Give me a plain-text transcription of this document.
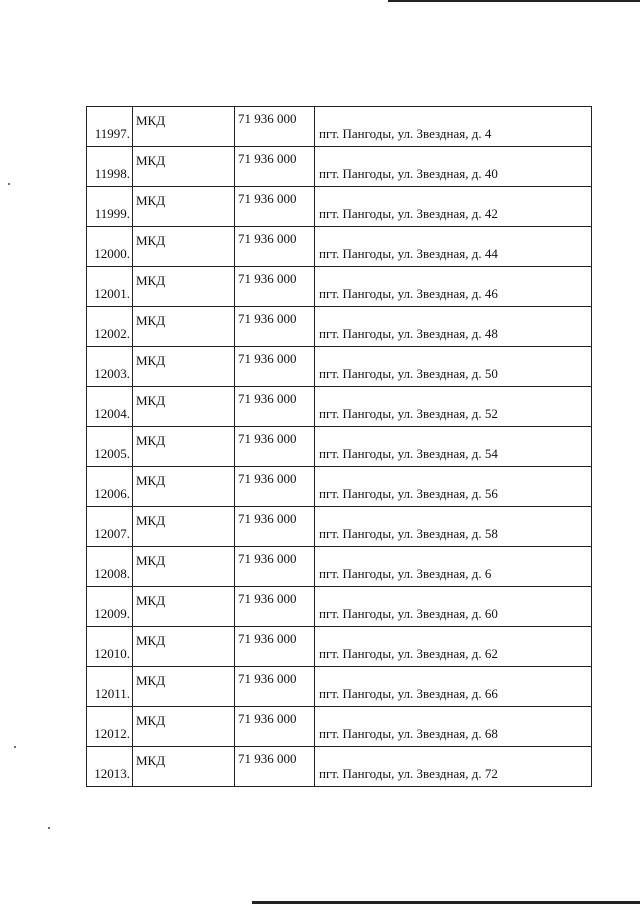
11997.	МКД	71 936 000	пгт. Пангоды, ул. Звездная, д. 4
11998.	МКД	71 936 000	пгт. Пангоды, ул. Звездная, д. 40
11999.	МКД	71 936 000	пгт. Пангоды, ул. Звездная, д. 42
12000.	МКД	71 936 000	пгт. Пангоды, ул. Звездная, д. 44
12001.	МКД	71 936 000	пгт. Пангоды, ул. Звездная, д. 46
12002.	МКД	71 936 000	пгт. Пангоды, ул. Звездная, д. 48
12003.	МКД	71 936 000	пгт. Пангоды, ул. Звездная, д. 50
12004.	МКД	71 936 000	пгт. Пангоды, ул. Звездная, д. 52
12005.	МКД	71 936 000	пгт. Пангоды, ул. Звездная, д. 54
12006.	МКД	71 936 000	пгт. Пангоды, ул. Звездная, д. 56
12007.	МКД	71 936 000	пгт. Пангоды, ул. Звездная, д. 58
12008.	МКД	71 936 000	пгт. Пангоды, ул. Звездная, д. 6
12009.	МКД	71 936 000	пгт. Пангоды, ул. Звездная, д. 60
12010.	МКД	71 936 000	пгт. Пангоды, ул. Звездная, д. 62
12011.	МКД	71 936 000	пгт. Пангоды, ул. Звездная, д. 66
12012.	МКД	71 936 000	пгт. Пангоды, ул. Звездная, д. 68
12013.	МКД	71 936 000	пгт. Пангоды, ул. Звездная, д. 72
